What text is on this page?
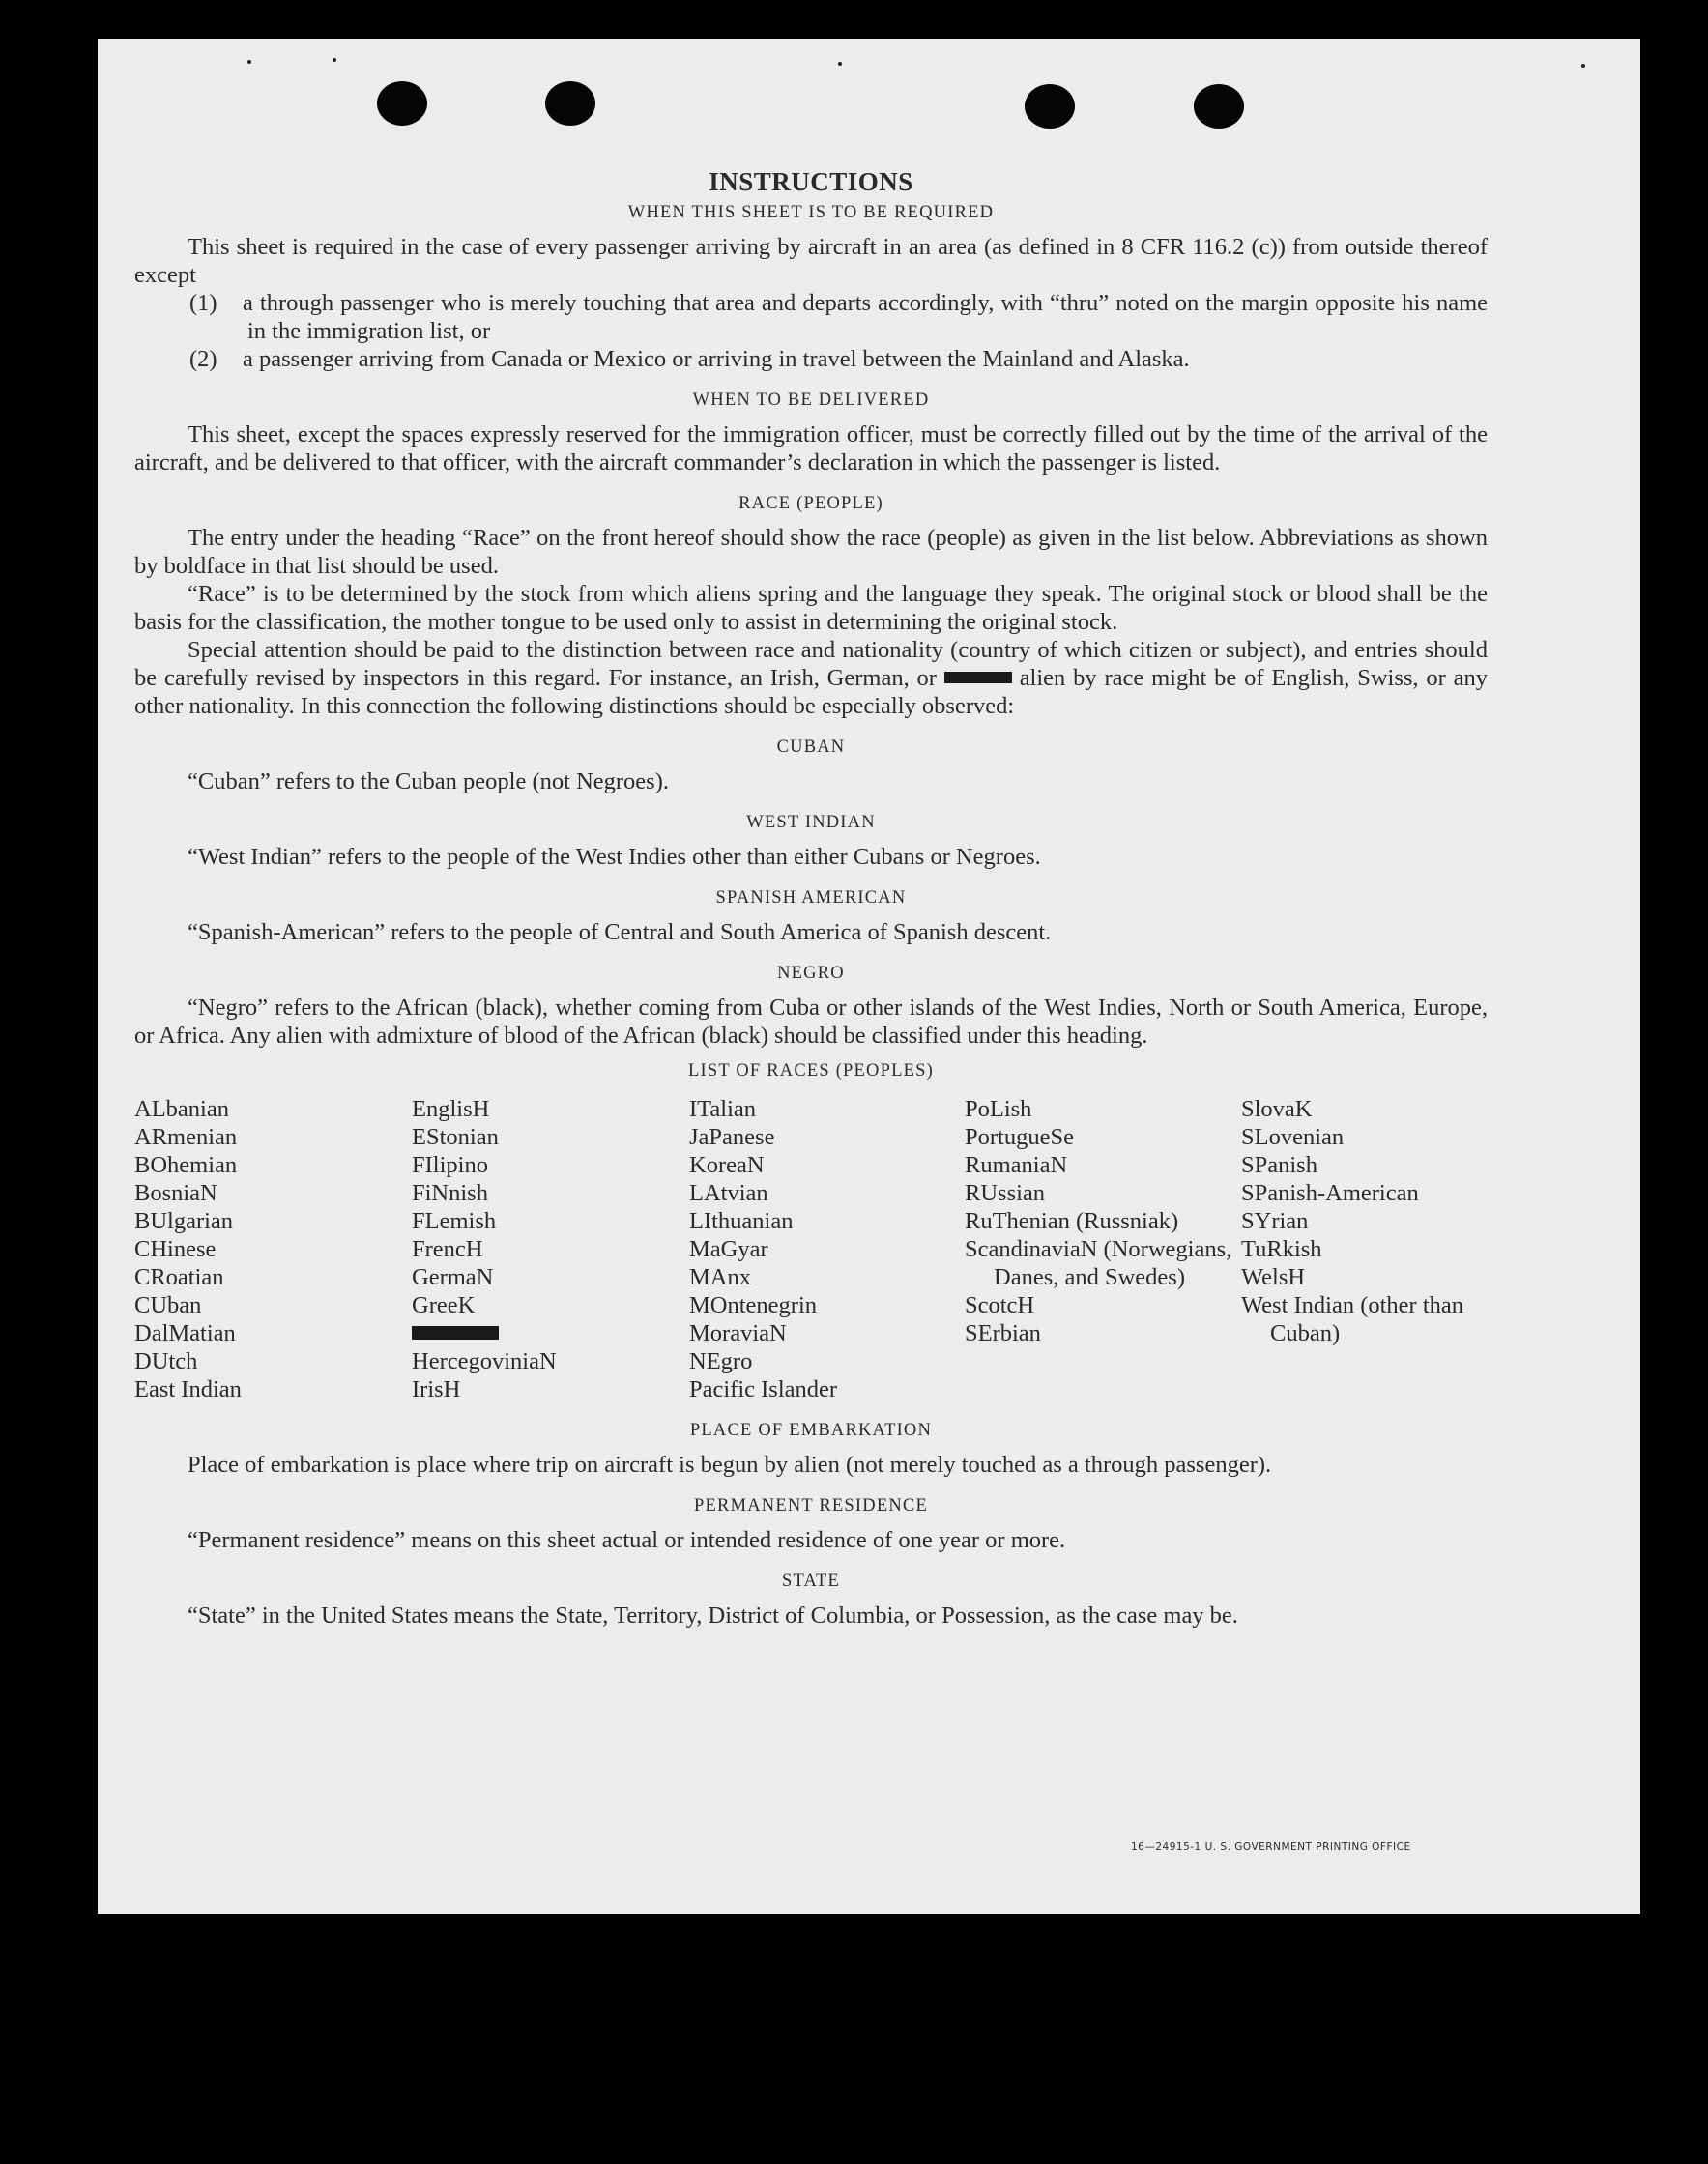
INSTRUCTIONS
WHEN THIS SHEET IS TO BE REQUIRED

This sheet is required in the case of every passenger arriving by aircraft in an area (as defined in 8 CFR 116.2 (c)) from outside thereof except

(1) a through passenger who is merely touching that area and departs accordingly, with “thru” noted on the margin opposite his name in the immigration list, or

(2) a passenger arriving from Canada or Mexico or arriving in travel between the Mainland and Alaska.

WHEN TO BE DELIVERED

This sheet, except the spaces expressly reserved for the immigration officer, must be correctly filled out by the time of the arrival of the aircraft, and be delivered to that officer, with the aircraft commander’s declaration in which the passenger is listed.

RACE (PEOPLE)

The entry under the heading “Race” on the front hereof should show the race (people) as given in the list below. Abbreviations as shown by boldface in that list should be used.

“Race” is to be determined by the stock from which aliens spring and the language they speak. The original stock or blood shall be the basis for the classification, the mother tongue to be used only to assist in determining the original stock.

Special attention should be paid to the distinction between race and nationality (country of which citizen or subject), and entries should be carefully revised by inspectors in this regard. For instance, an Irish, German, or	alien by race might be of English, Swiss, or any other nationality. In this connection the following distinctions should be especially observed:

CUBAN

“Cuban” refers to the Cuban people (not Negroes).

WEST INDIAN

“West Indian” refers to the people of the West Indies other than either Cubans or Negroes.

SPANISH AMERICAN

“Spanish-American” refers to the people of Central and South America of Spanish descent.

NEGRO

“Negro” refers to the African (black), whether coming from Cuba or other islands of the West Indies, North or South America, Europe, or Africa. Any alien with admixture of blood of the African (black) should be classified under this heading.

LIST OF RACES (PEOPLES)
ALbanian
ARmenian
BOhemian
BosniaN
BUlgarian
CHinese
CRoatian
CUban
DalMatian
DUtch
East Indian
EnglisH
EStonian
FIlipino
FiNnish
FLemish
FrencH
GermaN
GreeK
HercegovinіaN
IrisH
ITalian
JaPanese
KoreaN
LAtvian
LIthuanian
MaGyar
MAnx
MOntenegrin
MoraviaN
NEgro
Pacific Islander
PoLish
PortugueSe
RumaniaN
RUssian
RuThenian (Russniak)
ScandinaviaN (Norwegians, Danes, and Swedes)
ScotcH
SErbian
SlovaK
SLovenian
SPanish
SPanish-American
SYrian
TuRkish
WelsH
West Indian (other than Cuban)
PLACE OF EMBARKATION

Place of embarkation is place where trip on aircraft is begun by alien (not merely touched as a through passenger).

PERMANENT RESIDENCE

“Permanent residence” means on this sheet actual or intended residence of one year or more.

STATE

“State” in the United States means the State, Territory, District of Columbia, or Possession, as the case may be.

16—24915-1 U. S. GOVERNMENT PRINTING OFFICE
